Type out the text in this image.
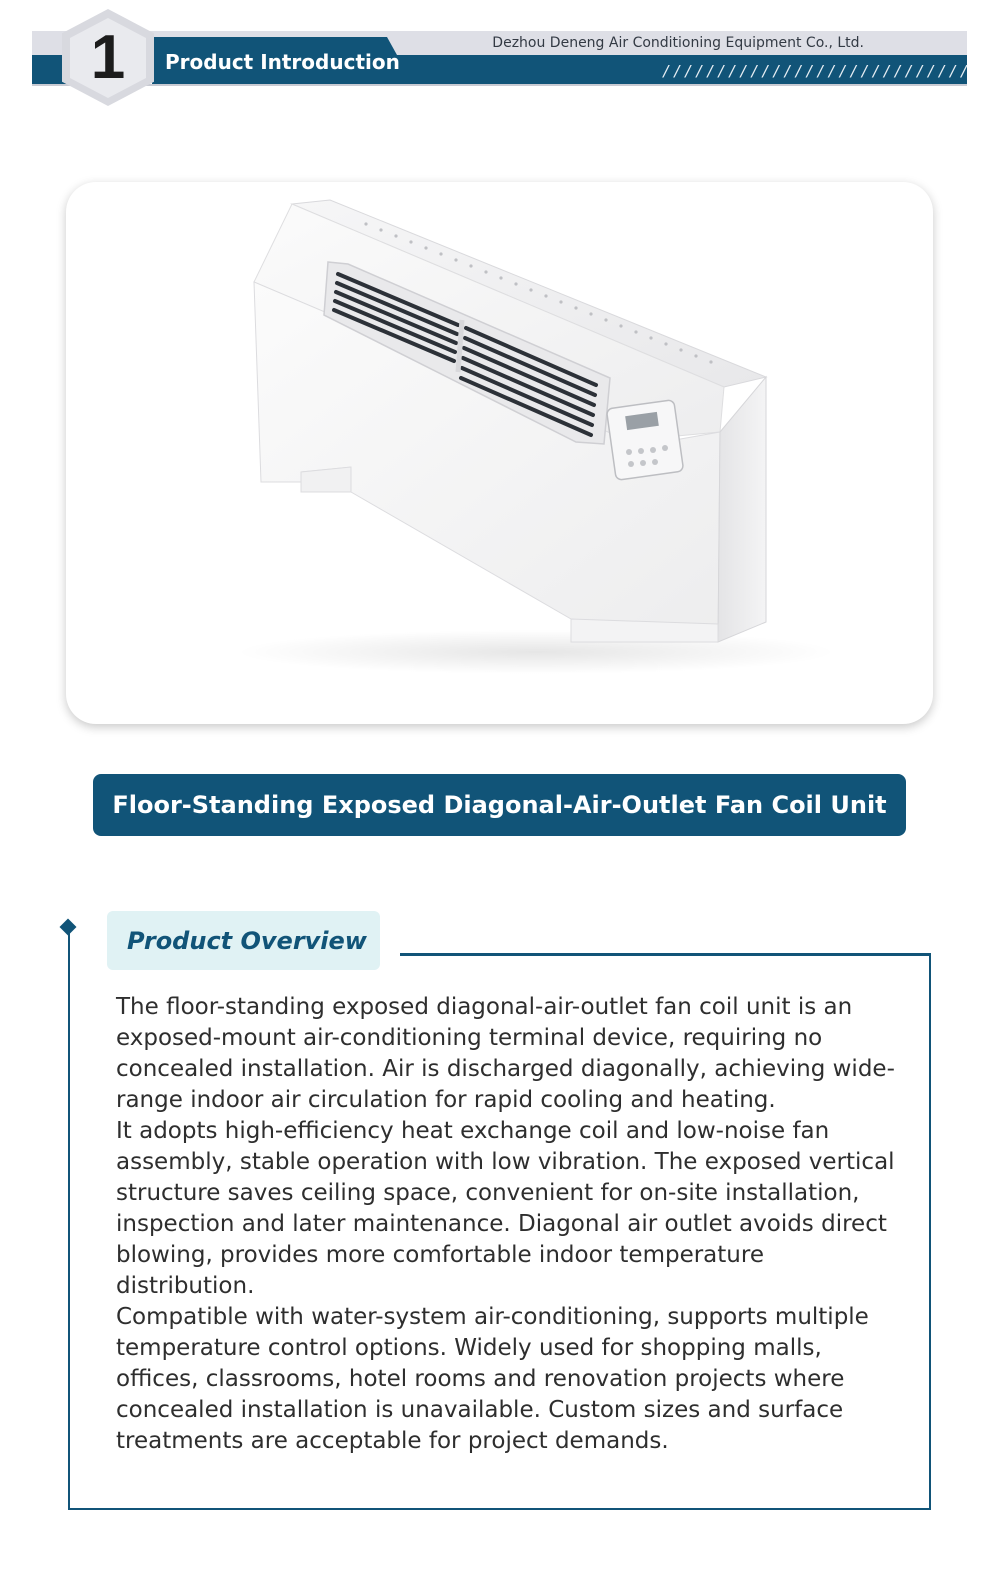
1	Product Introduction
Dezhou Deneng Air Conditioning Equipment Co., Ltd.
////////////////////////////
Floor-Standing Exposed Diagonal-Air-Outlet Fan Coil Unit
Product Overview

The floor-standing exposed diagonal-air-outlet fan coil unit is an exposed-mount air-conditioning terminal device, requiring no concealed installation. Air is discharged diagonally, achieving wide-range indoor air circulation for rapid cooling and heating.

It adopts high-efficiency heat exchange coil and low-noise fan assembly, stable operation with low vibration. The exposed vertical structure saves ceiling space, convenient for on-site installation, inspection and later maintenance. Diagonal air outlet avoids direct blowing, provides more comfortable indoor temperature distribution.

Compatible with water-system air-conditioning, supports multiple temperature control options. Widely used for shopping malls, offices, classrooms, hotel rooms and renovation projects where concealed installation is unavailable. Custom sizes and surface treatments are acceptable for project demands.
